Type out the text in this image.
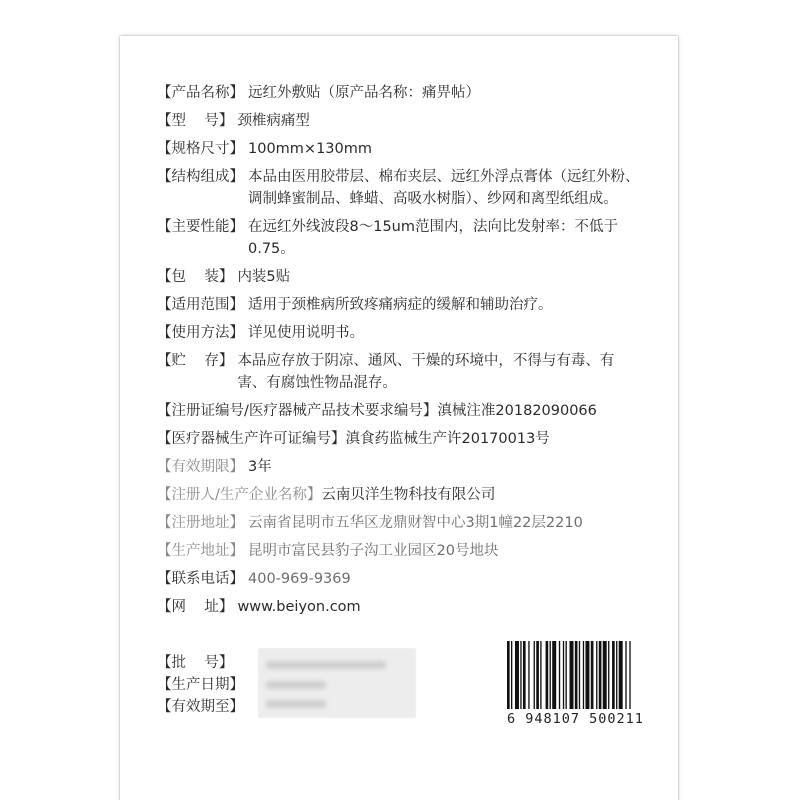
【产品名称】 远红外敷贴（原产品名称：痛畀帖）
【型    号】 颈椎病痛型
【规格尺寸】 100mm×130mm
【结构组成】 本品由医用胶带层、棉布夹层、远红外浮点膏体（远红外粉、调制蜂蜜制品、蜂蜡、高吸水树脂）、纱网和离型纸组成。
【主要性能】 在远红外线波段8～15um范围内，法向比发射率：不低于0.75。
【包    装】 内装5贴
【适用范围】 适用于颈椎病所致疼痛病症的缓解和辅助治疗。
【使用方法】 详见使用说明书。
【贮    存】 本品应存放于阴凉、通风、干燥的环境中，不得与有毒、有害、有腐蚀性物品混存。
【注册证编号/医疗器械产品技术要求编号】 滇械注准20182090066
【医疗器械生产许可证编号】 滇食药监械生产许20170013号
【有效期限】 3年
【注册人/生产企业名称】 云南贝洋生物科技有限公司
【注册地址】 云南省昆明市五华区龙鼎财智中心3期1幢22层2210
【生产地址】 昆明市富民县豹子沟工业园区20号地块
【联系电话】 400-969-9369
【网    址】 www.beiyon.com
【批    号】
【生产日期】
【有效期至】
6 948107 500211
